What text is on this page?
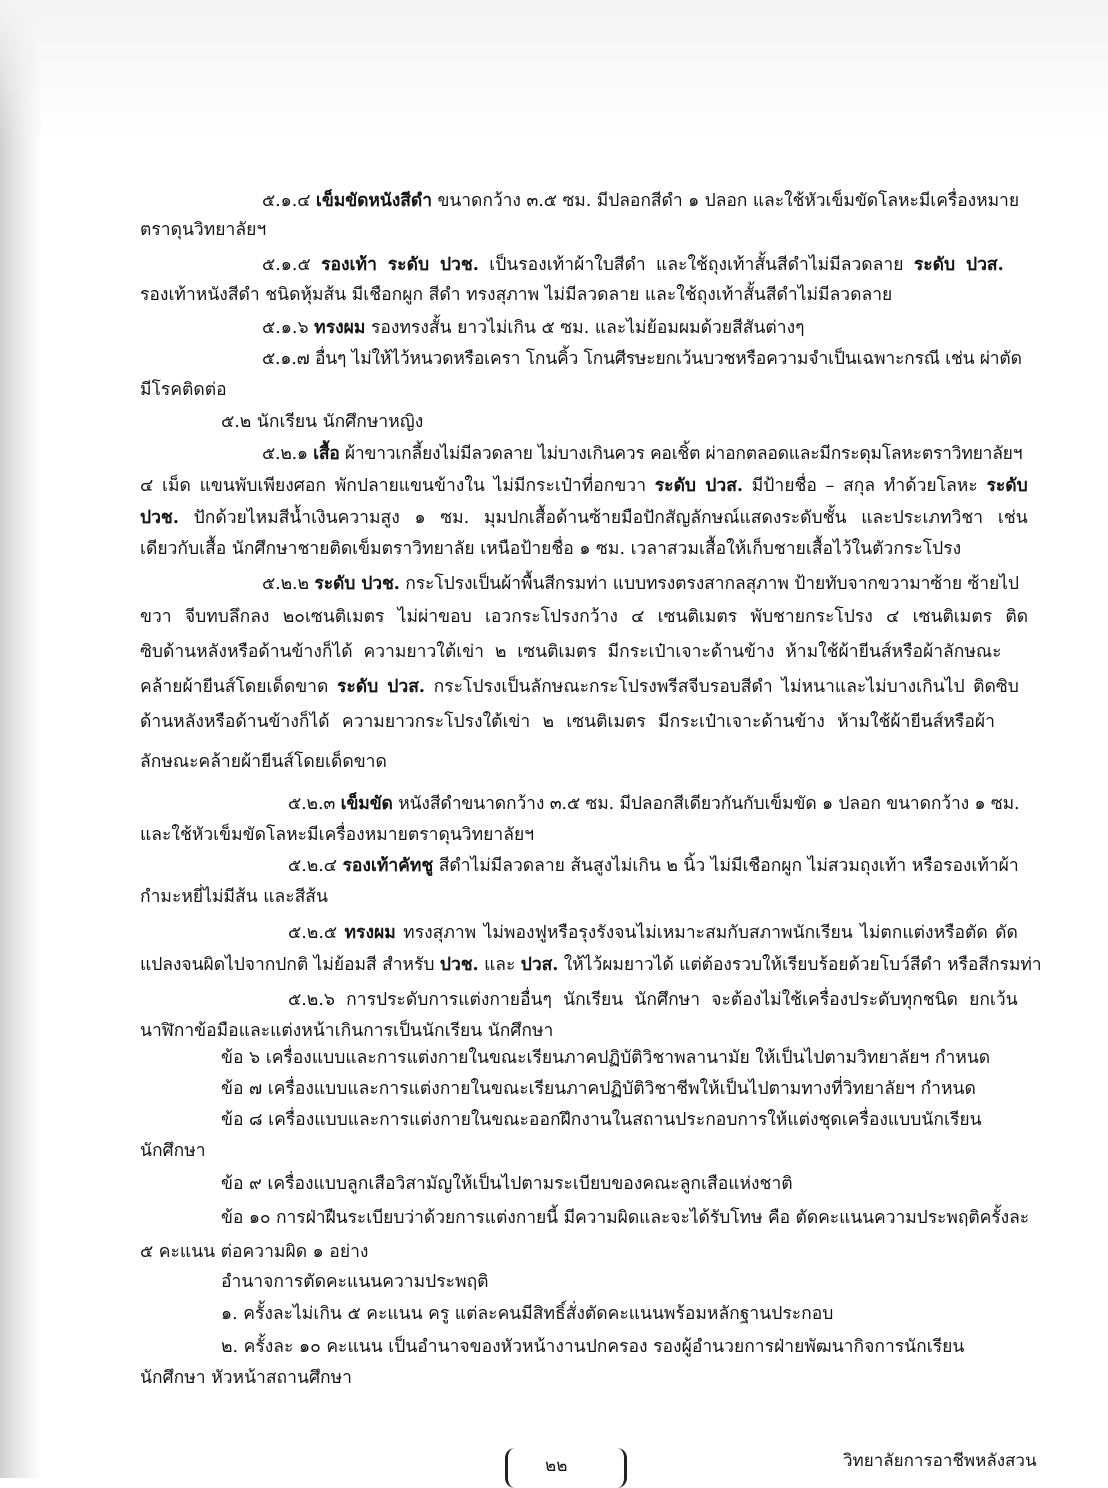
๕.๑.๔ เข็มขัดหนังสีดำ ขนาดกว้าง ๓.๕ ซม. มีปลอกสีดำ ๑ ปลอก และใช้หัวเข็มขัดโลหะมีเครื่องหมาย
ตราดุนวิทยาลัยฯ
๕.๑.๕ รองเท้า ระดับ ปวช. เป็นรองเท้าผ้าใบสีดำ และใช้ถุงเท้าสั้นสีดำไม่มีลวดลาย ระดับ ปวส.
รองเท้าหนังสีดำ ชนิดหุ้มส้น มีเชือกผูก สีดำ ทรงสุภาพ ไม่มีลวดลาย และใช้ถุงเท้าสั้นสีดำไม่มีลวดลาย
๕.๑.๖ ทรงผม รองทรงสั้น ยาวไม่เกิน ๕ ซม. และไม่ย้อมผมด้วยสีสันต่างๆ
๕.๑.๗ อื่นๆ ไม่ให้ไว้หนวดหรือเครา โกนคิ้ว โกนศีรษะยกเว้นบวชหรือความจำเป็นเฉพาะกรณี เช่น ผ่าตัด
มีโรคติดต่อ
๕.๒ นักเรียน นักศึกษาหญิง
๕.๒.๑ เสื้อ ผ้าขาวเกลี้ยงไม่มีลวดลาย ไม่บางเกินควร คอเชิ้ต ผ่าอกตลอดและมีกระดุมโลหะตราวิทยาลัยฯ
๔ เม็ด แขนพับเพียงศอก พักปลายแขนข้างใน ไม่มีกระเป๋าที่อกขวา ระดับ ปวส. มีป้ายชื่อ – สกุล ทำด้วยโลหะ ระดับ
ปวช. ปักด้วยไหมสีน้ำเงินความสูง ๑ ซม. มุมปกเสื้อด้านซ้ายมือปักสัญลักษณ์แสดงระดับชั้น และประเภทวิชา เช่น
เดียวกับเสื้อ นักศึกษาชายติดเข็มตราวิทยาลัย เหนือป้ายชื่อ ๑ ซม. เวลาสวมเสื้อให้เก็บชายเสื้อไว้ในตัวกระโปรง
๕.๒.๒ ระดับ ปวช. กระโปรงเป็นผ้าพื้นสีกรมท่า แบบทรงตรงสากลสุภาพ ป้ายทับจากขวามาซ้าย ซ้ายไป
ขวา จีบทบลึกลง ๒๐เซนติเมตร ไม่ผ่าขอบ เอวกระโปรงกว้าง ๔ เซนติเมตร พับชายกระโปรง ๔ เซนติเมตร ติด
ซิบด้านหลังหรือด้านข้างก็ได้ ความยาวใต้เข่า ๒ เซนติเมตร มีกระเป๋าเจาะด้านข้าง ห้ามใช้ผ้ายีนส์หรือผ้าลักษณะ
คล้ายผ้ายีนส์โดยเด็ดขาด ระดับ ปวส. กระโปรงเป็นลักษณะกระโปรงพรีสจีบรอบสีดำ ไม่หนาและไม่บางเกินไป ติดซิบ
ด้านหลังหรือด้านข้างก็ได้ ความยาวกระโปรงใต้เข่า ๒ เซนติเมตร มีกระเป๋าเจาะด้านข้าง ห้ามใช้ผ้ายีนส์หรือผ้า
ลักษณะคล้ายผ้ายีนส์โดยเด็ดขาด
๕.๒.๓ เข็มขัด หนังสีดำขนาดกว้าง ๓.๕ ซม. มีปลอกสีเดียวกันกับเข็มขัด ๑ ปลอก ขนาดกว้าง ๑ ซม.
และใช้หัวเข็มขัดโลหะมีเครื่องหมายตราดุนวิทยาลัยฯ
๕.๒.๔ รองเท้าคัทชู สีดำไม่มีลวดลาย ส้นสูงไม่เกิน ๒ นิ้ว ไม่มีเชือกผูก ไม่สวมถุงเท้า หรือรองเท้าผ้า
กำมะหยี่ไม่มีส้น และสีส้น
๕.๒.๕ ทรงผม ทรงสุภาพ ไม่พองฟูหรือรุงรังจนไม่เหมาะสมกับสภาพนักเรียน ไม่ตกแต่งหรือตัด ดัด
แปลงจนผิดไปจากปกติ ไม่ย้อมสี สำหรับ ปวช. และ ปวส. ให้ไว้ผมยาวได้ แต่ต้องรวบให้เรียบร้อยด้วยโบว์สีดำ หรือสีกรมท่า
๕.๒.๖ การประดับการแต่งกายอื่นๆ นักเรียน นักศึกษา จะต้องไม่ใช้เครื่องประดับทุกชนิด ยกเว้น
นาฬิกาข้อมือและแต่งหน้าเกินการเป็นนักเรียน นักศึกษา
ข้อ ๖ เครื่องแบบและการแต่งกายในขณะเรียนภาคปฏิบัติวิชาพลานามัย ให้เป็นไปตามวิทยาลัยฯ กำหนด
ข้อ ๗ เครื่องแบบและการแต่งกายในขณะเรียนภาคปฏิบัติวิชาชีพให้เป็นไปตามทางที่วิทยาลัยฯ กำหนด
ข้อ ๘ เครื่องแบบและการแต่งกายในขณะออกฝึกงานในสถานประกอบการให้แต่งชุดเครื่องแบบนักเรียน
นักศึกษา
ข้อ ๙ เครื่องแบบลูกเสือวิสามัญให้เป็นไปตามระเบียบของคณะลูกเสือแห่งชาติ
ข้อ ๑๐ การฝ่าฝืนระเบียบว่าด้วยการแต่งกายนี้ มีความผิดและจะได้รับโทษ คือ ตัดคะแนนความประพฤติครั้งละ
๕ คะแนน ต่อความผิด ๑ อย่าง
อำนาจการตัดคะแนนความประพฤติ
๑. ครั้งละไม่เกิน ๕ คะแนน ครู แต่ละคนมีสิทธิ์สั่งตัดคะแนนพร้อมหลักฐานประกอบ
๒. ครั้งละ ๑๐ คะแนน เป็นอำนาจของหัวหน้างานปกครอง รองผู้อำนวยการฝ่ายพัฒนากิจการนักเรียน
นักศึกษา หัวหน้าสถานศึกษา
๒๒	วิทยาลัยการอาชีพหลังสวน
